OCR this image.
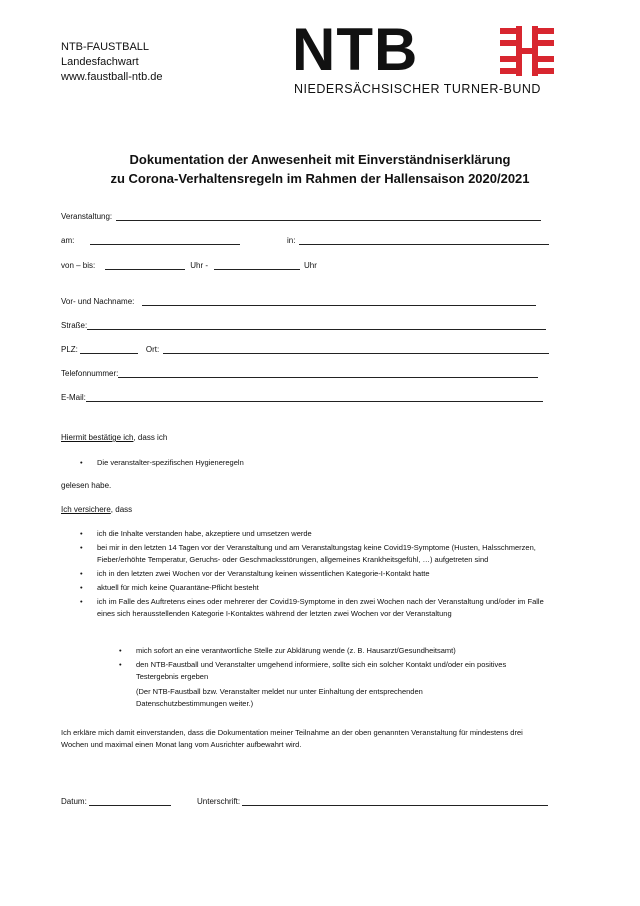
NTB-FAUSTBALL
Landesfachwart
www.faustball-ntb.de NTB
NIEDERSÄCHSISCHER TURNER-BUND
Dokumentation der Anwesenheit mit Einverständniserklärung
zu Corona-Verhaltensregeln im Rahmen der Hallensaison 2020/2021
Veranstaltung:
am:	in:
von – bis:	Uhr -	Uhr
Vor- und Nachname:
Straße:
PLZ:	Ort:
Telefonnummer:
E-Mail:
Hiermit bestätige ich, dass ich
• Die veranstalter-spezifischen Hygieneregeln
gelesen habe.
Ich versichere, dass
• ich die Inhalte verstanden habe, akzeptiere und umsetzen werde
• bei mir in den letzten 14 Tagen vor der Veranstaltung und am Veranstaltungstag keine Covid19-Symptome (Husten, Halsschmerzen, Fieber/erhöhte Temperatur, Geruchs- oder Geschmacksstörungen, allgemeines Krankheitsgefühl, …) aufgetreten sind
• ich in den letzten zwei Wochen vor der Veranstaltung keinen wissentlichen Kategorie-I-Kontakt hatte
• aktuell für mich keine Quarantäne-Pflicht besteht
• ich im Falle des Auftretens eines oder mehrerer der Covid19-Symptome in den zwei Wochen nach der Veranstaltung und/oder im Falle eines sich herausstellenden Kategorie I-Kontaktes während der letzten zwei Wochen vor der Veranstaltung
• mich sofort an eine verantwortliche Stelle zur Abklärung wende (z. B. Hausarzt/Gesundheitsamt)
• den NTB-Faustball und Veranstalter umgehend informiere, sollte sich ein solcher Kontakt und/oder ein positives Testergebnis ergeben
(Der NTB-Faustball bzw. Veranstalter meldet nur unter Einhaltung der entsprechenden Datenschutzbestimmungen weiter.)
Ich erkläre mich damit einverstanden, dass die Dokumentation meiner Teilnahme an der oben genannten Veranstaltung für mindestens drei Wochen und maximal einen Monat lang vom Ausrichter aufbewahrt wird.
Datum:	Unterschrift:
